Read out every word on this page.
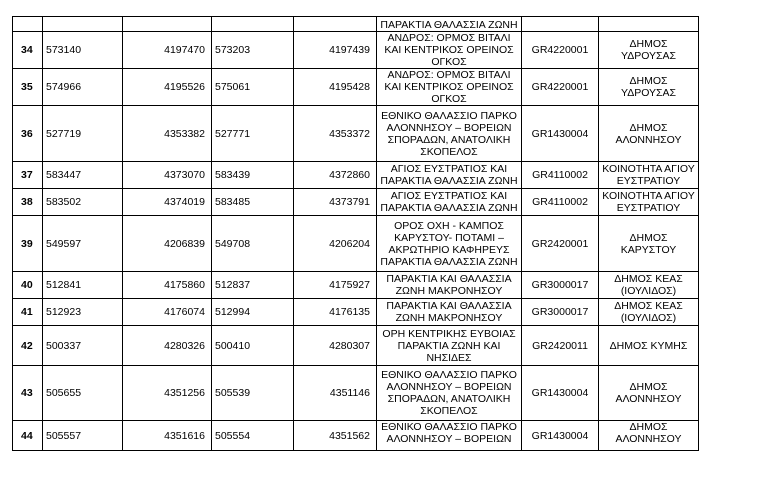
					ΠΑΡΑΚΤΙΑ ΘΑΛΑΣΣΙΑ ΖΩΝΗ		
34	573140	4197470	573203	4197439	ΑΝΔΡΟΣ: ΟΡΜΟΣ ΒΙΤΑΛΙ ΚΑΙ ΚΕΝΤΡΙΚΟΣ ΟΡΕΙΝΟΣ ΟΓΚΟΣ	GR4220001	ΔΗΜΟΣ ΥΔΡΟΥΣΑΣ
35	574966	4195526	575061	4195428	ΑΝΔΡΟΣ: ΟΡΜΟΣ ΒΙΤΑΛΙ ΚΑΙ ΚΕΝΤΡΙΚΟΣ ΟΡΕΙΝΟΣ ΟΓΚΟΣ	GR4220001	ΔΗΜΟΣ ΥΔΡΟΥΣΑΣ
36	527719	4353382	527771	4353372	ΕΘΝΙΚΟ ΘΑΛΑΣΣΙΟ ΠΑΡΚΟ ΑΛΟΝΝΗΣΟΥ – ΒΟΡΕΙΩΝ ΣΠΟΡΑΔΩΝ, ΑΝΑΤΟΛΙΚΗ ΣΚΟΠΕΛΟΣ	GR1430004	ΔΗΜΟΣ ΑΛΟΝΝΗΣΟΥ
37	583447	4373070	583439	4372860	ΑΓΙΟΣ ΕΥΣΤΡΑΤΙΟΣ ΚΑΙ ΠΑΡΑΚΤΙΑ ΘΑΛΑΣΣΙΑ ΖΩΝΗ	GR4110002	ΚΟΙΝΟΤΗΤΑ ΑΓΙΟΥ ΕΥΣΤΡΑΤΙΟΥ
38	583502	4374019	583485	4373791	ΑΓΙΟΣ ΕΥΣΤΡΑΤΙΟΣ ΚΑΙ ΠΑΡΑΚΤΙΑ ΘΑΛΑΣΣΙΑ ΖΩΝΗ	GR4110002	ΚΟΙΝΟΤΗΤΑ ΑΓΙΟΥ ΕΥΣΤΡΑΤΙΟΥ
39	549597	4206839	549708	4206204	ΟΡΟΣ ΟΧΗ - ΚΑΜΠΟΣ ΚΑΡΥΣΤΟΥ- ΠΟΤΑΜΙ – ΑΚΡΩΤΗΡΙΟ ΚΑΦΗΡΕΥΣ ΠΑΡΑΚΤΙΑ ΘΑΛΑΣΣΙΑ ΖΩΝΗ	GR2420001	ΔΗΜΟΣ ΚΑΡΥΣΤΟΥ
40	512841	4175860	512837	4175927	ΠΑΡΑΚΤΙΑ ΚΑΙ ΘΑΛΑΣΣΙΑ ΖΩΝΗ ΜΑΚΡΟΝΗΣΟΥ	GR3000017	ΔΗΜΟΣ ΚΕΑΣ (ΙΟΥΛΙΔΟΣ)
41	512923	4176074	512994	4176135	ΠΑΡΑΚΤΙΑ ΚΑΙ ΘΑΛΑΣΣΙΑ ΖΩΝΗ ΜΑΚΡΟΝΗΣΟΥ	GR3000017	ΔΗΜΟΣ ΚΕΑΣ (ΙΟΥΛΙΔΟΣ)
42	500337	4280326	500410	4280307	ΟΡΗ ΚΕΝΤΡΙΚΗΣ ΕΥΒΟΙΑΣ ΠΑΡΑΚΤΙΑ ΖΩΝΗ ΚΑΙ ΝΗΣΙΔΕΣ	GR2420011	ΔΗΜΟΣ ΚΥΜΗΣ
43	505655	4351256	505539	4351146	ΕΘΝΙΚΟ ΘΑΛΑΣΣΙΟ ΠΑΡΚΟ ΑΛΟΝΝΗΣΟΥ – ΒΟΡΕΙΩΝ ΣΠΟΡΑΔΩΝ, ΑΝΑΤΟΛΙΚΗ ΣΚΟΠΕΛΟΣ	GR1430004	ΔΗΜΟΣ ΑΛΟΝΝΗΣΟΥ
44	505557	4351616	505554	4351562	ΕΘΝΙΚΟ ΘΑΛΑΣΣΙΟ ΠΑΡΚΟ ΑΛΟΝΝΗΣΟΥ – ΒΟΡΕΙΩΝ	GR1430004	ΔΗΜΟΣ ΑΛΟΝΝΗΣΟΥ
